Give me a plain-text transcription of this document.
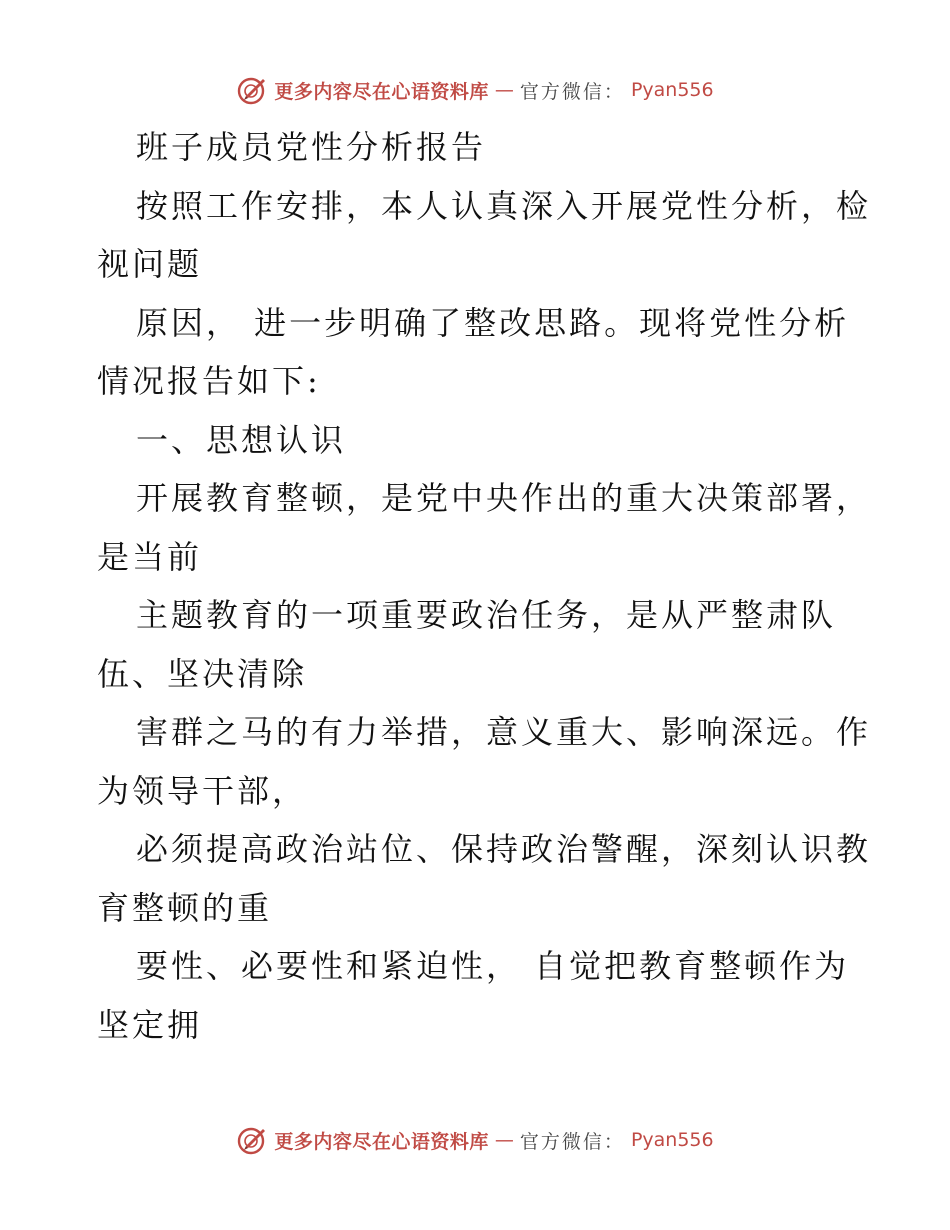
更多内容尽在心语资料库 — 官方微信： Pyan556
班子成员党性分析报告
按照工作安排，本人认真深入开展党性分析，检
视问题
原因， 进一步明确了整改思路。现将党性分析
情况报告如下:
一、思想认识
开展教育整顿，是党中央作出的重大决策部署，
是当前
主题教育的一项重要政治任务，是从严整肃队
伍、坚决清除
害群之马的有力举措，意义重大、影响深远。作
为领导干部，
必须提高政治站位、保持政治警醒，深刻认识教
育整顿的重
要性、必要性和紧迫性， 自觉把教育整顿作为
坚定拥
更多内容尽在心语资料库 — 官方微信： Pyan556
